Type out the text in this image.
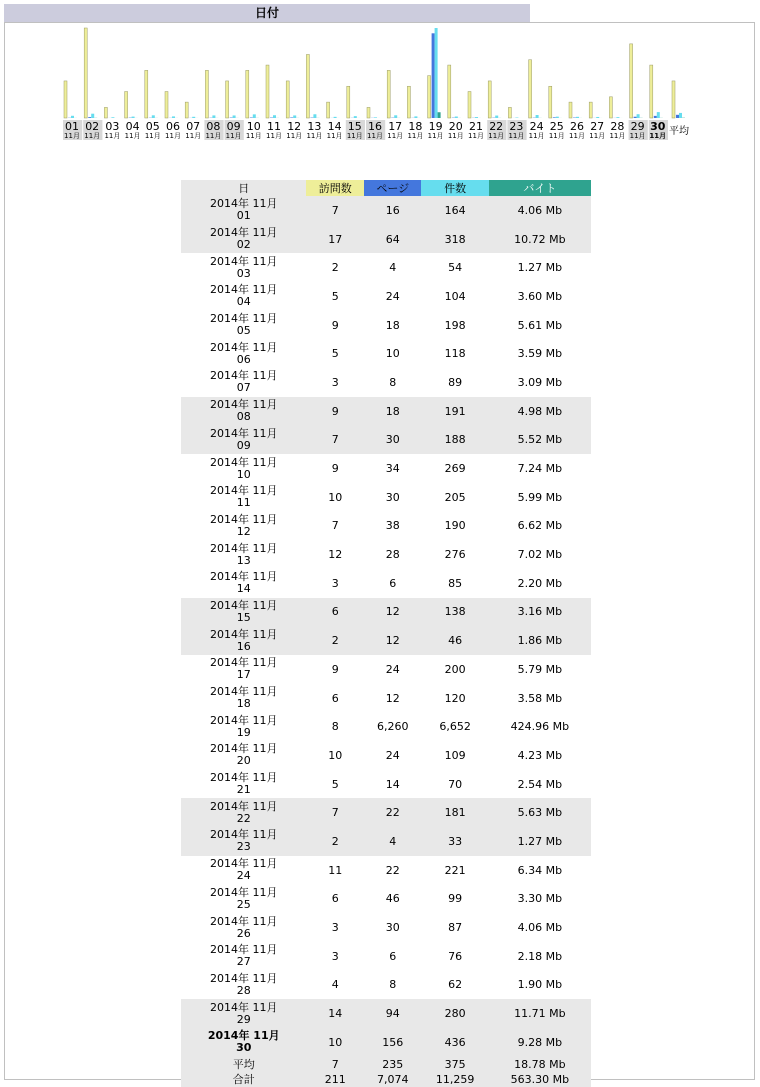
日付
01
11月
02
11月
03
11月
04
11月
05
11月
06
11月
07
11月
08
11月
09
11月
10
11月
11
11月
12
11月
13
11月
14
11月
15
11月
16
11月
17
11月
18
11月
19
11月
20
11月
21
11月
22
11月
23
11月
24
11月
25
11月
26
11月
27
11月
28
11月
29
11月
30
11月 平均
日	訪問数	ページ	件数	バイト
2014年 11月
01	7	16	164	4.06 Mb
2014年 11月
02	17	64	318	10.72 Mb
2014年 11月
03	2	4	54	1.27 Mb
2014年 11月
04	5	24	104	3.60 Mb
2014年 11月
05	9	18	198	5.61 Mb
2014年 11月
06	5	10	118	3.59 Mb
2014年 11月
07	3	8	89	3.09 Mb
2014年 11月
08	9	18	191	4.98 Mb
2014年 11月
09	7	30	188	5.52 Mb
2014年 11月
10	9	34	269	7.24 Mb
2014年 11月
11	10	30	205	5.99 Mb
2014年 11月
12	7	38	190	6.62 Mb
2014年 11月
13	12	28	276	7.02 Mb
2014年 11月
14	3	6	85	2.20 Mb
2014年 11月
15	6	12	138	3.16 Mb
2014年 11月
16	2	12	46	1.86 Mb
2014年 11月
17	9	24	200	5.79 Mb
2014年 11月
18	6	12	120	3.58 Mb
2014年 11月
19	8	6,260	6,652	424.96 Mb
2014年 11月
20	10	24	109	4.23 Mb
2014年 11月
21	5	14	70	2.54 Mb
2014年 11月
22	7	22	181	5.63 Mb
2014年 11月
23	2	4	33	1.27 Mb
2014年 11月
24	11	22	221	6.34 Mb
2014年 11月
25	6	46	99	3.30 Mb
2014年 11月
26	3	30	87	4.06 Mb
2014年 11月
27	3	6	76	2.18 Mb
2014年 11月
28	4	8	62	1.90 Mb
2014年 11月
29	14	94	280	11.71 Mb
2014年 11月
30	10	156	436	9.28 Mb
平均	7	235	375	18.78 Mb
合計	211	7,074	11,259	563.30 Mb
